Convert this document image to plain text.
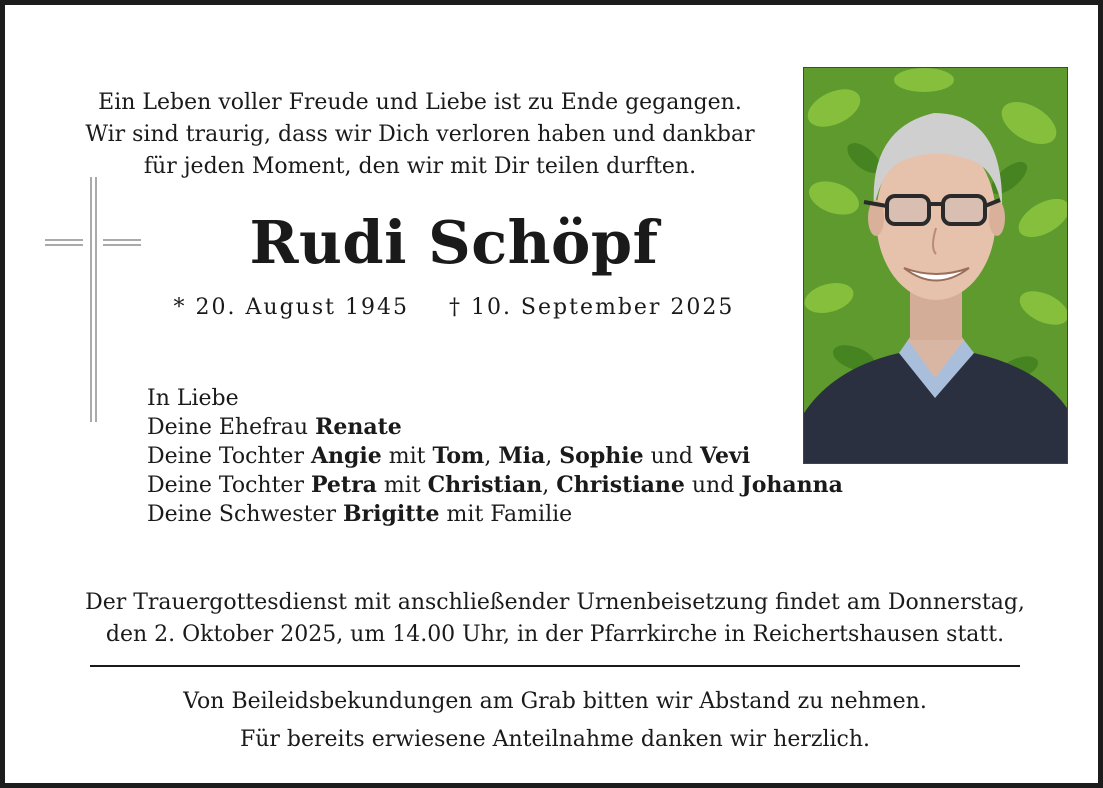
Ein Leben voller Freude und Liebe ist zu Ende gegangen.
Wir sind traurig, dass wir Dich verloren haben und dankbar
für jeden Moment, den wir mit Dir teilen durften.
Rudi Schöpf
* 20. August 1945 † 10. September 2025
In Liebe
Deine Ehefrau Renate
Deine Tochter Angie mit Tom, Mia, Sophie und Vevi
Deine Tochter Petra mit Christian, Christiane und Johanna
Deine Schwester Brigitte mit Familie
Der Trauergottesdienst mit anschließender Urnenbeisetzung findet am Donnerstag,
den 2. Oktober 2025, um 14.00 Uhr, in der Pfarrkirche in Reichertshausen statt.
Von Beileidsbekundungen am Grab bitten wir Abstand zu nehmen.
Für bereits erwiesene Anteilnahme danken wir herzlich.
